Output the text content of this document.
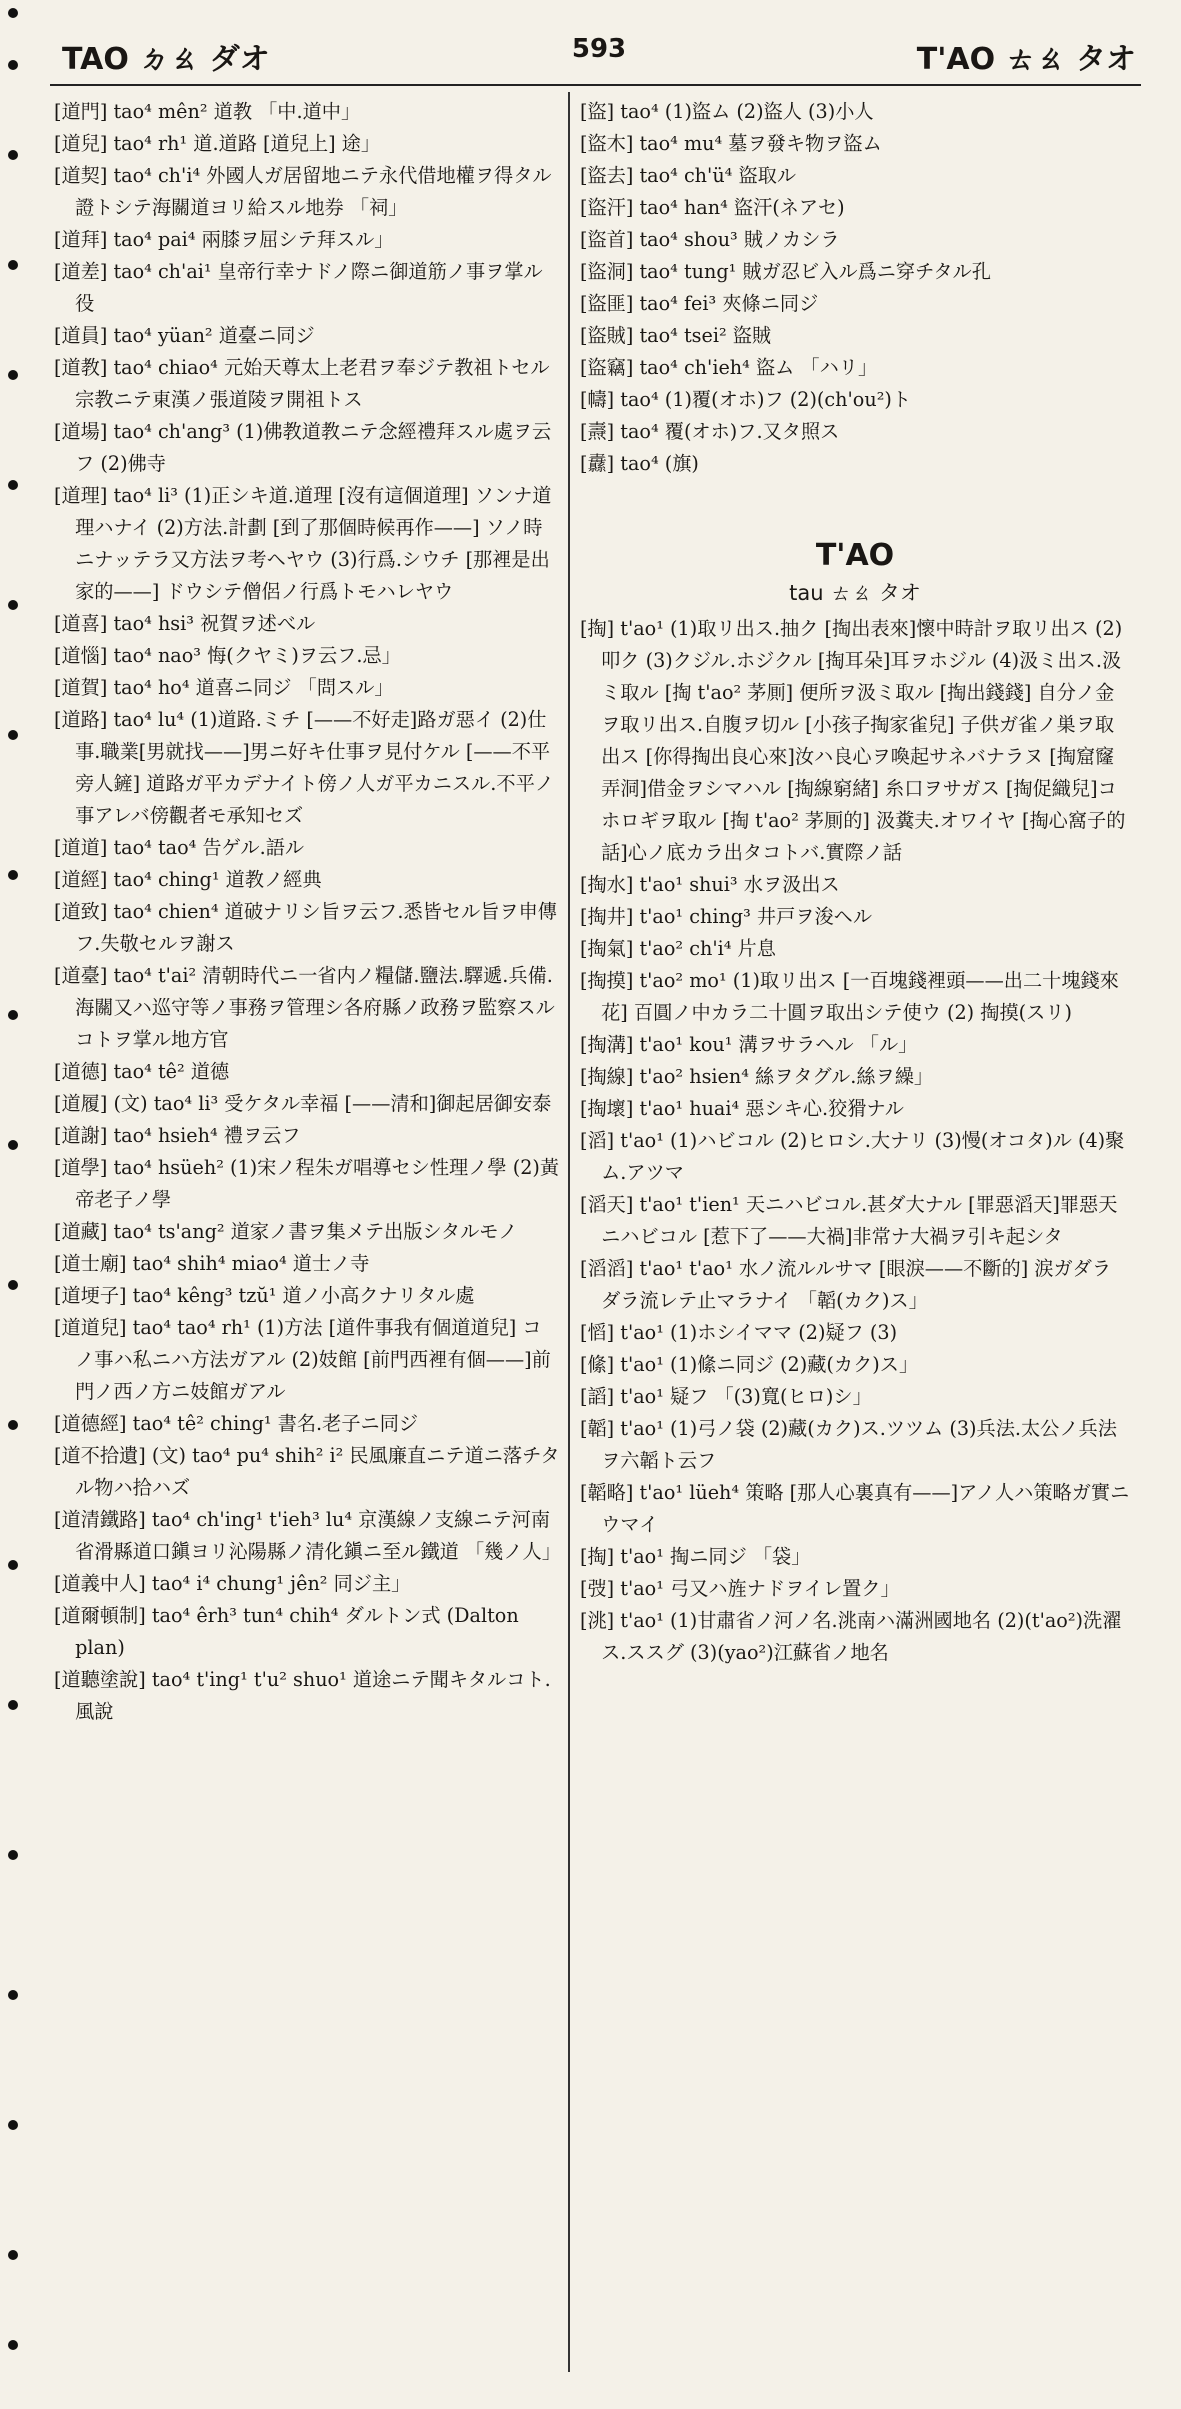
TAO ㄉㄠ ダオ	593	T'AO ㄊㄠ タオ

[道門] tao⁴ mên² 道教 「中.道中」

[道兒] tao⁴ rh¹ 道.道路 [道兒上] 途」

[道契] tao⁴ ch'i⁴ 外國人ガ居留地ニテ永代借地權ヲ得タル證トシテ海關道ヨリ給スル地券 「祠」

[道拜] tao⁴ pai⁴ 兩膝ヲ屈シテ拜スル」

[道差] tao⁴ ch'ai¹ 皇帝行幸ナドノ際ニ御道筋ノ事ヲ掌ル役

[道員] tao⁴ yüan² 道臺ニ同ジ

[道教] tao⁴ chiao⁴ 元始天尊太上老君ヲ奉ジテ教祖トセル宗教ニテ東漢ノ張道陵ヲ開祖トス

[道場] tao⁴ ch'ang³ (1)佛教道教ニテ念經禮拜スル處ヲ云フ (2)佛寺

[道理] tao⁴ li³ (1)正シキ道.道理 [沒有這個道理] ソンナ道理ハナイ (2)方法.計劃 [到了那個時候再作——] ソノ時ニナッテラ又方法ヲ考ヘヤウ (3)行爲.シウチ [那裡是出家的——] ドウシテ僧侶ノ行爲トモハレヤウ

[道喜] tao⁴ hsi³ 祝賀ヲ述べル

[道惱] tao⁴ nao³ 悔(クヤミ)ヲ云フ.忌」

[道賀] tao⁴ ho⁴ 道喜ニ同ジ 「問スル」

[道路] tao⁴ lu⁴ (1)道路.ミチ [——不好走]路ガ惡イ (2)仕事.職業[男就找——]男ニ好キ仕事ヲ見付ケル [——不平旁人鏟] 道路ガ平カデナイト傍ノ人ガ平カニスル.不平ノ事アレバ傍觀者モ承知セズ

[道道] tao⁴ tao⁴ 告ゲル.語ル

[道經] tao⁴ ching¹ 道教ノ經典

[道致] tao⁴ chien⁴ 道破ナリシ旨ヲ云フ.悉皆セル旨ヲ申傳フ.失敬セルヲ謝ス

[道臺] tao⁴ t'ai² 清朝時代ニ一省内ノ糧儲.鹽法.驛遞.兵備.海關又ハ巡守等ノ事務ヲ管理シ各府縣ノ政務ヲ監察スルコトヲ掌ル地方官

[道德] tao⁴ tê² 道德

[道履] (文) tao⁴ li³ 受ケタル幸福 [——清和]御起居御安泰

[道謝] tao⁴ hsieh⁴ 禮ヲ云フ

[道學] tao⁴ hsüeh² (1)宋ノ程朱ガ唱導セシ性理ノ學 (2)黃帝老子ノ學

[道藏] tao⁴ ts'ang² 道家ノ書ヲ集メテ出版シタルモノ

[道士廟] tao⁴ shih⁴ miao⁴ 道士ノ寺

[道埂子] tao⁴ kêng³ tzŭ¹ 道ノ小高クナリタル處

[道道兒] tao⁴ tao⁴ rh¹ (1)方法 [道件事我有個道道兒] コノ事ハ私ニハ方法ガアル (2)妓館 [前門西裡有個——]前門ノ西ノ方ニ妓館ガアル

[道德經] tao⁴ tê² ching¹ 書名.老子ニ同ジ

[道不拾遺] (文) tao⁴ pu⁴ shih² i² 民風廉直ニテ道ニ落チタル物ハ拾ハズ

[道清鐵路] tao⁴ ch'ing¹ t'ieh³ lu⁴ 京漢線ノ支線ニテ河南省滑縣道口鎭ヨリ沁陽縣ノ清化鎭ニ至ル鐵道 「幾ノ人」

[道義中人] tao⁴ i⁴ chung¹ jên² 同ジ主」

[道爾頓制] tao⁴ êrh³ tun⁴ chih⁴ ダルトン式 (Dalton plan)

[道聽塗說] tao⁴ t'ing¹ t'u² shuo¹ 道途ニテ聞キタルコト.風說

[盜] tao⁴ (1)盜ム (2)盜人 (3)小人

[盜木] tao⁴ mu⁴ 墓ヲ發キ物ヲ盜ム

[盜去] tao⁴ ch'ü⁴ 盜取ル

[盜汗] tao⁴ han⁴ 盜汗(ネアセ)

[盜首] tao⁴ shou³ 賊ノカシラ

[盜洞] tao⁴ tung¹ 賊ガ忍ビ入ル爲ニ穿チタル孔

[盜匪] tao⁴ fei³ 夾條ニ同ジ

[盜賊] tao⁴ tsei² 盜賊

[盜竊] tao⁴ ch'ieh⁴ 盜ム 「ハリ」

[幬] tao⁴ (1)覆(オホ)フ (2)(ch'ou²)ト

[燾] tao⁴ 覆(オホ)フ.又タ照ス

[纛] tao⁴ (旗)

T'AO
tau ㄊㄠ タオ

[掏] t'ao¹ (1)取リ出ス.抽ク [掏出表來]懷中時計ヲ取リ出ス (2)叩ク (3)クジル.ホジクル [掏耳朵]耳ヲホジル (4)汲ミ出ス.汲ミ取ル [掏 t'ao² 茅厠] 便所ヲ汲ミ取ル [掏出錢錢] 自分ノ金ヲ取リ出ス.自腹ヲ切ル [小孩子掏家雀兒] 子供ガ雀ノ巣ヲ取出ス [你得掏出良心來]汝ハ良心ヲ喚起サネバナラヌ [掏窟窿弄洞]借金ヲシマハル [掏線窮緒] 糸口ヲサガス [掏促織兒]コホロギヲ取ル [掏 t'ao² 茅厠的] 汲糞夫.オワイヤ [掏心窩子的話]心ノ底カラ出タコトバ.實際ノ話

[掏水] t'ao¹ shui³ 水ヲ汲出ス

[掏井] t'ao¹ ching³ 井戸ヲ浚ヘル

[掏氣] t'ao² ch'i⁴ 片息

[掏摸] t'ao² mo¹ (1)取リ出ス [一百塊錢裡頭——出二十塊錢來花] 百圓ノ中カラ二十圓ヲ取出シテ使ウ (2) 掏摸(スリ)

[掏溝] t'ao¹ kou¹ 溝ヲサラヘル 「ル」

[掏線] t'ao² hsien⁴ 絲ヲタグル.絲ヲ繰」

[掏壞] t'ao¹ huai⁴ 惡シキ心.狡猾ナル

[滔] t'ao¹ (1)ハビコル (2)ヒロシ.大ナリ (3)慢(オコタ)ル (4)聚ム.アツマ

[滔天] t'ao¹ t'ien¹ 天ニハビコル.甚ダ大ナル [罪惡滔天]罪惡天ニハビコル [惹下了——大禍]非常ナ大禍ヲ引キ起シタ

[滔滔] t'ao¹ t'ao¹ 水ノ流ルルサマ [眼淚——不斷的] 涙ガダラダラ流レテ止マラナイ 「韜(カク)ス」

[慆] t'ao¹ (1)ホシイママ (2)疑フ (3)

[絛] t'ao¹ (1)絛ニ同ジ (2)藏(カク)ス」

[謟] t'ao¹ 疑フ 「(3)寬(ヒロ)シ」

[韜] t'ao¹ (1)弓ノ袋 (2)藏(カク)ス.ツツム (3)兵法.太公ノ兵法ヲ六韜ト云フ

[韜略] t'ao¹ lüeh⁴ 策略 [那人心裏真有——]アノ人ハ策略ガ實ニウマイ

[掏] t'ao¹ 掏ニ同ジ 「袋」

[弢] t'ao¹ 弓又ハ旌ナドヲイレ置ク」

[洮] t'ao¹ (1)甘肅省ノ河ノ名.洮南ハ滿洲國地名 (2)(t'ao²)洗濯ス.ススグ (3)(yao²)江蘇省ノ地名
